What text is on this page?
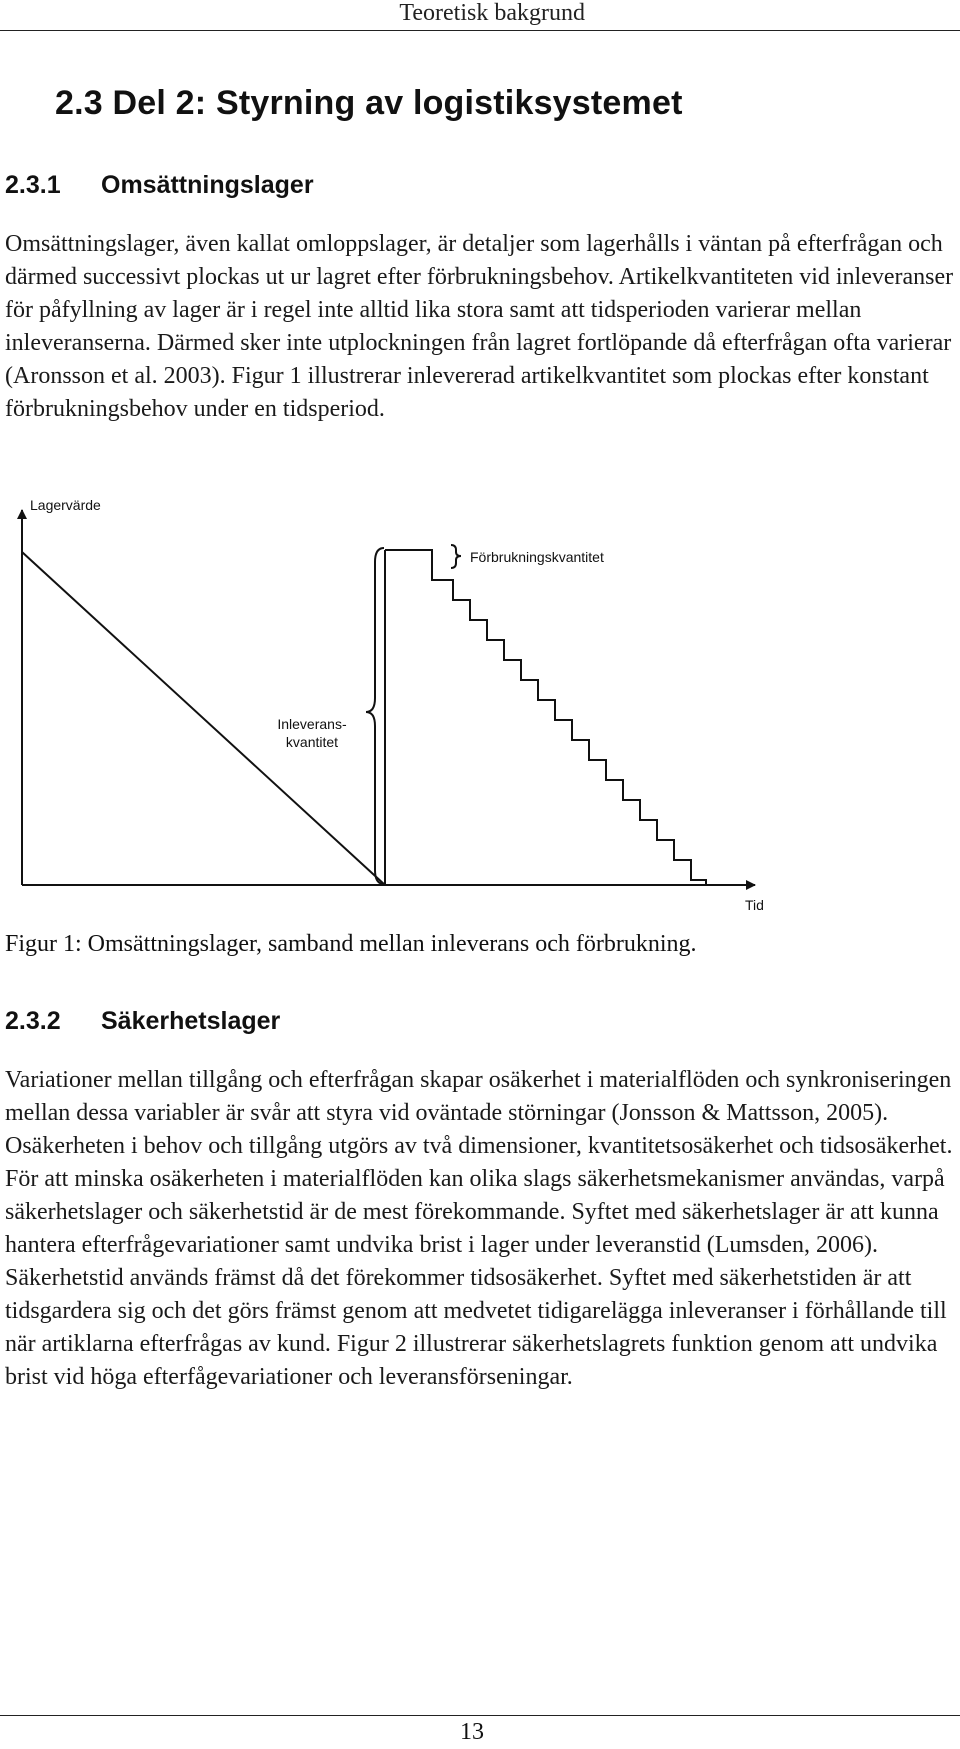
Teoretisk bakgrund
2.3 Del 2: Styrning av logistiksystemet
2.3.1 Omsättningslager

Omsättningslager, även kallat omloppslager, är detaljer som lagerhålls i väntan på efterfrågan och därmed successivt plockas ut ur lagret efter förbrukningsbehov. Artikelkvantiteten vid inleveranser för påfyllning av lager är i regel inte alltid lika stora samt att tidsperioden varierar mellan inleveranserna. Därmed sker inte utplockningen från lagret fortlöpande då efterfrågan ofta varierar (Aronsson et al. 2003). Figur 1 illustrerar inlevererad artikelkvantitet som plockas efter konstant förbrukningsbehov under en tidsperiod.

Lagervärde
Tid
Förbrukningskvantitet
Inleverans-
kvantitet

Figur 1: Omsättningslager, samband mellan inleverans och förbrukning.

2.3.2 Säkerhetslager

Variationer mellan tillgång och efterfrågan skapar osäkerhet i materialflöden och synkroniseringen mellan dessa variabler är svår att styra vid oväntade störningar (Jonsson & Mattsson, 2005). Osäkerheten i behov och tillgång utgörs av två dimensioner, kvantitetsosäkerhet och tidsosäkerhet. För att minska osäkerheten i materialflöden kan olika slags säkerhetsmekanismer användas, varpå säkerhetslager och säkerhetstid är de mest förekommande. Syftet med säkerhetslager är att kunna hantera efterfrågevariationer samt undvika brist i lager under leveranstid (Lumsden, 2006). Säkerhetstid används främst då det förekommer tidsosäkerhet. Syftet med säkerhetstiden är att tidsgardera sig och det görs främst genom att medvetet tidigarelägga inleveranser i förhållande till när artiklarna efterfrågas av kund. Figur 2 illustrerar säkerhetslagrets funktion genom att undvika brist vid höga efterfågevariationer och leveransförseningar.

13
